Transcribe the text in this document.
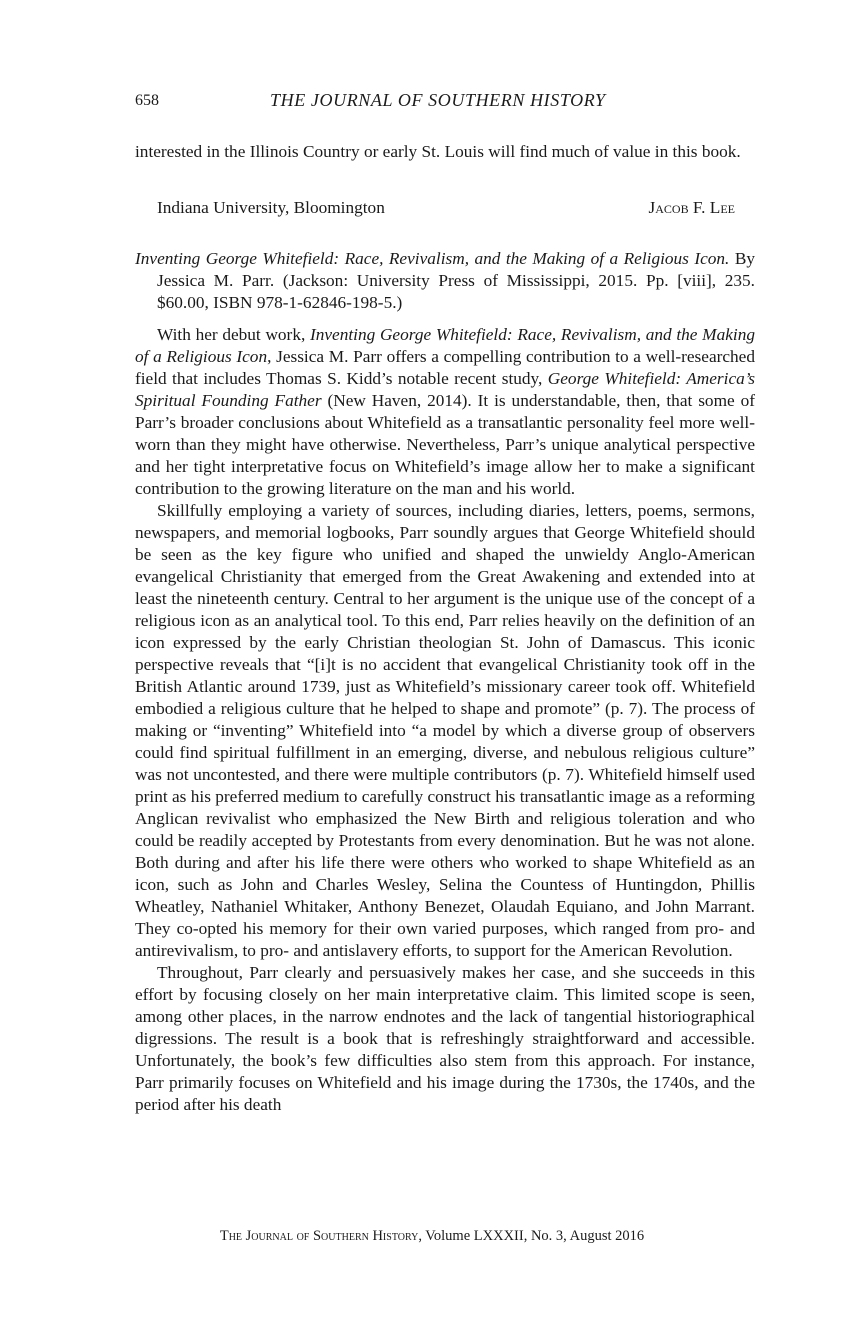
658	THE JOURNAL OF SOUTHERN HISTORY

interested in the Illinois Country or early St. Louis will find much of value in this book.

Indiana University, Bloomington	Jacob F. Lee
Inventing George Whitefield: Race, Revivalism, and the Making of a Religious Icon. By Jessica M. Parr. (Jackson: University Press of Mississippi, 2015. Pp. [viii], 235. $60.00, ISBN 978-1-62846-198-5.)

With her debut work, Inventing George Whitefield: Race, Revivalism, and the Making of a Religious Icon, Jessica M. Parr offers a compelling contribution to a well-researched field that includes Thomas S. Kidd’s notable recent study, George Whitefield: America’s Spiritual Founding Father (New Haven, 2014). It is understandable, then, that some of Parr’s broader conclusions about Whitefield as a transatlantic personality feel more well-worn than they might have otherwise. Nevertheless, Parr’s unique analytical perspective and her tight interpretative focus on Whitefield’s image allow her to make a significant contribution to the growing literature on the man and his world.

Skillfully employing a variety of sources, including diaries, letters, poems, sermons, newspapers, and memorial logbooks, Parr soundly argues that George Whitefield should be seen as the key figure who unified and shaped the unwieldy Anglo-American evangelical Christianity that emerged from the Great Awakening and extended into at least the nineteenth century. Central to her argument is the unique use of the concept of a religious icon as an analytical tool. To this end, Parr relies heavily on the definition of an icon expressed by the early Christian theologian St. John of Damascus. This iconic perspective reveals that “[i]t is no accident that evangelical Christianity took off in the British Atlantic around 1739, just as Whitefield’s missionary career took off. Whitefield embodied a religious culture that he helped to shape and promote” (p. 7). The process of making or “inventing” Whitefield into “a model by which a diverse group of observers could find spiritual fulfillment in an emerging, diverse, and nebulous religious culture” was not uncontested, and there were multiple contributors (p. 7). Whitefield himself used print as his preferred medium to carefully construct his transatlantic image as a reforming Anglican revivalist who emphasized the New Birth and religious toleration and who could be readily accepted by Protestants from every denomination. But he was not alone. Both during and after his life there were others who worked to shape Whitefield as an icon, such as John and Charles Wesley, Selina the Countess of Huntingdon, Phillis Wheatley, Nathaniel Whitaker, Anthony Benezet, Olaudah Equiano, and John Marrant. They co-opted his memory for their own varied purposes, which ranged from pro- and antirevivalism, to pro- and antislavery efforts, to support for the American Revolution.

Throughout, Parr clearly and persuasively makes her case, and she succeeds in this effort by focusing closely on her main interpretative claim. This limited scope is seen, among other places, in the narrow endnotes and the lack of tangential historiographical digressions. The result is a book that is refreshingly straightforward and accessible. Unfortunately, the book’s few difficulties also stem from this approach. For instance, Parr primarily focuses on Whitefield and his image during the 1730s, the 1740s, and the period after his death

The Journal of Southern History, Volume LXXXII, No. 3, August 2016
